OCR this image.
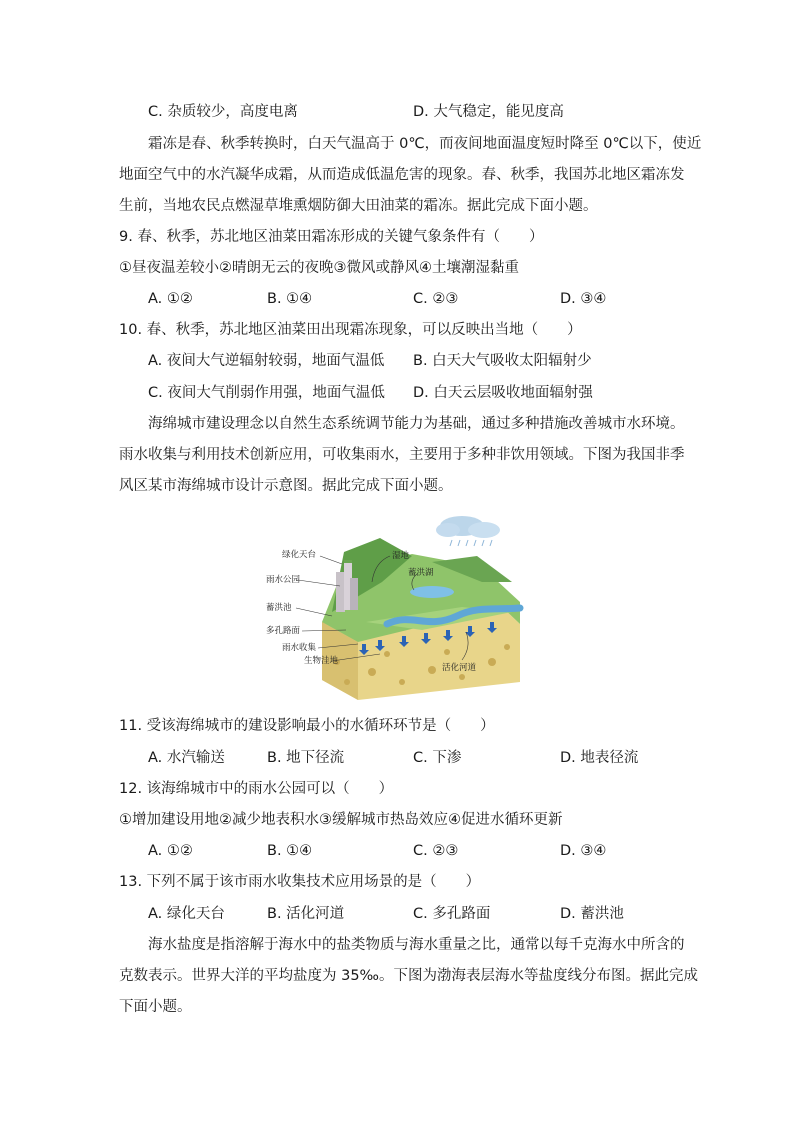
C. 杂质较少，高度电离	D. 大气稳定，能见度高
霜冻是春、秋季转换时，白天气温高于 0℃，而夜间地面温度短时降至 0℃以下，使近
地面空气中的水汽凝华成霜，从而造成低温危害的现象。春、秋季，我国苏北地区霜冻发
生前，当地农民点燃湿草堆熏烟防御大田油菜的霜冻。据此完成下面小题。
9. 春、秋季，苏北地区油菜田霜冻形成的关键气象条件有（　　）
①昼夜温差较小②晴朗无云的夜晚③微风或静风④土壤潮湿黏重
A. ①②	B. ①④	C. ②③	D. ③④
10. 春、秋季，苏北地区油菜田出现霜冻现象，可以反映出当地（　　）
A. 夜间大气逆辐射较弱，地面气温低 B. 白天大气吸收太阳辐射少
C. 夜间大气削弱作用强，地面气温低 D. 白天云层吸收地面辐射强
海绵城市建设理念以自然生态系统调节能力为基础，通过多种措施改善城市水环境。
雨水收集与利用技术创新应用，可收集雨水，主要用于多种非饮用领域。下图为我国非季
风区某市海绵城市设计示意图。据此完成下面小题。
绿化天台	湿地
蓄洪湖
雨水公园
蓄洪池
多孔路面
雨水收集
生物洼地
活化河道
11. 受该海绵城市的建设影响最小的水循环环节是（　　）
A. 水汽输送	B. 地下径流	C. 下渗	D. 地表径流
12. 该海绵城市中的雨水公园可以（　　）
①增加建设用地②减少地表积水③缓解城市热岛效应④促进水循环更新
A. ①②	B. ①④	C. ②③	D. ③④
13. 下列不属于该市雨水收集技术应用场景的是（　　）
A. 绿化天台	B. 活化河道	C. 多孔路面	D. 蓄洪池
海水盐度是指溶解于海水中的盐类物质与海水重量之比，通常以每千克海水中所含的
克数表示。世界大洋的平均盐度为 35‰。下图为渤海表层海水等盐度线分布图。据此完成
下面小题。
